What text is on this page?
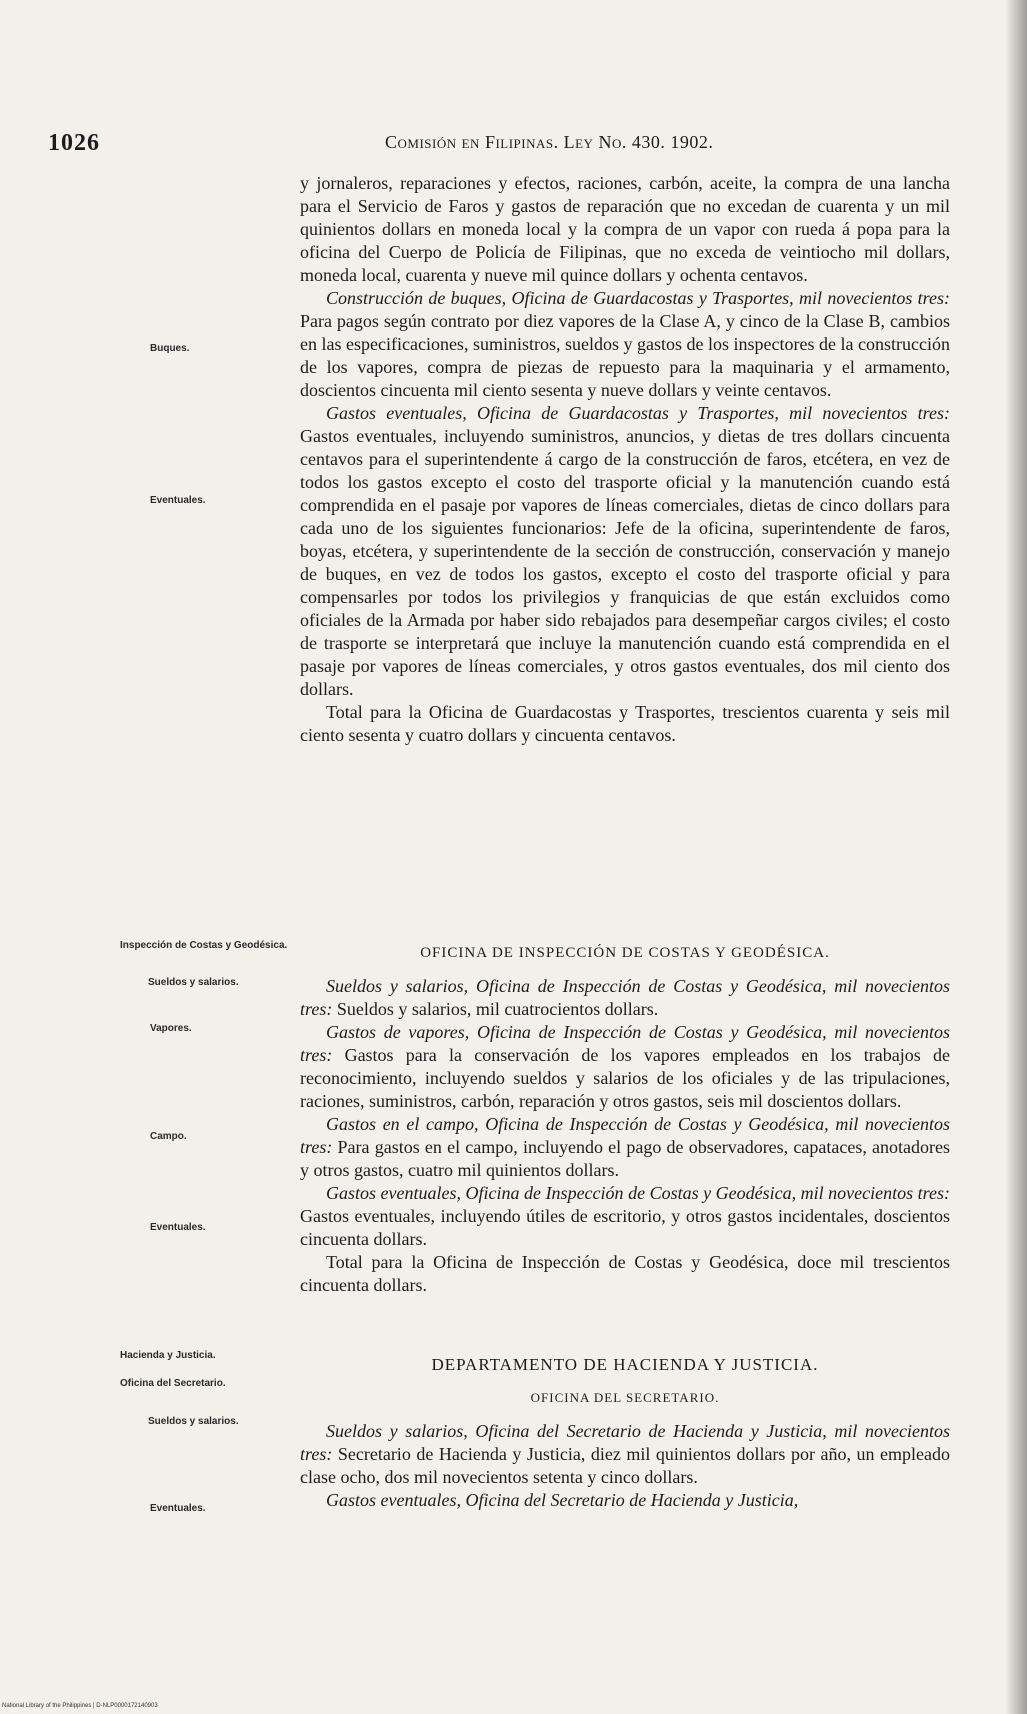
1026	Comisión en Filipinas. Ley No. 430. 1902.

y jornaleros, reparaciones y efectos, raciones, carbón, aceite, la compra de una lancha para el Servicio de Faros y gastos de reparación que no excedan de cuarenta y un mil quinientos dollars en moneda local y la compra de un vapor con rueda á popa para la oficina del Cuerpo de Policía de Filipinas, que no exceda de veintiocho mil dollars, moneda local, cuarenta y nueve mil quince dollars y ochenta centavos.

Construcción de buques, Oficina de Guardacostas y Trasportes, mil novecientos tres: Para pagos según contrato por diez vapores de la Clase A, y cinco de la Clase B, cambios en las especificaciones, suministros, sueldos y gastos de los inspectores de la construcción de los vapores, compra de piezas de repuesto para la maquinaria y el armamento, doscientos cincuenta mil ciento sesenta y nueve dollars y veinte centavos.

Gastos eventuales, Oficina de Guardacostas y Trasportes, mil novecientos tres: Gastos eventuales, incluyendo suministros, anuncios, y dietas de tres dollars cincuenta centavos para el superintendente á cargo de la construcción de faros, etcétera, en vez de todos los gastos excepto el costo del trasporte oficial y la manutención cuando está comprendida en el pasaje por vapores de líneas comerciales, dietas de cinco dollars para cada uno de los siguientes funcionarios: Jefe de la oficina, superintendente de faros, boyas, etcétera, y superintendente de la sección de construcción, conservación y manejo de buques, en vez de todos los gastos, excepto el costo del trasporte oficial y para compensarles por todos los privilegios y franquicias de que están excluidos como oficiales de la Armada por haber sido rebajados para desempeñar cargos civiles; el costo de trasporte se interpretará que incluye la manutención cuando está comprendida en el pasaje por vapores de líneas comerciales, y otros gastos eventuales, dos mil ciento dos dollars.

Total para la Oficina de Guardacostas y Trasportes, trescientos cuarenta y seis mil ciento sesenta y cuatro dollars y cincuenta centavos.

OFICINA DE INSPECCIÓN DE COSTAS Y GEODÉSICA.

Sueldos y salarios, Oficina de Inspección de Costas y Geodésica, mil novecientos tres: Sueldos y salarios, mil cuatrocientos dollars.

Gastos de vapores, Oficina de Inspección de Costas y Geodésica, mil novecientos tres: Gastos para la conservación de los vapores empleados en los trabajos de reconocimiento, incluyendo sueldos y salarios de los oficiales y de las tripulaciones, raciones, suministros, carbón, reparación y otros gastos, seis mil doscientos dollars.

Gastos en el campo, Oficina de Inspección de Costas y Geodésica, mil novecientos tres: Para gastos en el campo, incluyendo el pago de observadores, capataces, anotadores y otros gastos, cuatro mil quinientos dollars.

Gastos eventuales, Oficina de Inspección de Costas y Geodésica, mil novecientos tres: Gastos eventuales, incluyendo útiles de escritorio, y otros gastos incidentales, doscientos cincuenta dollars.

Total para la Oficina de Inspección de Costas y Geodésica, doce mil trescientos cincuenta dollars.

DEPARTAMENTO DE HACIENDA Y JUSTICIA.
OFICINA DEL SECRETARIO.

Sueldos y salarios, Oficina del Secretario de Hacienda y Justicia, mil novecientos tres: Secretario de Hacienda y Justicia, diez mil quinientos dollars por año, un empleado clase ocho, dos mil novecientos setenta y cinco dollars.

Gastos eventuales, Oficina del Secretario de Hacienda y Justicia,

Buques.
Eventuales.
Inspección de Costas y Geodésica.
Sueldos y salarios.
Vapores.
Campo.
Eventuales.
Hacienda y Justicia.
Oficina del Secretario.
Sueldos y salarios.
Eventuales.
National Library of the Philippines | D-NLP0000172140903
